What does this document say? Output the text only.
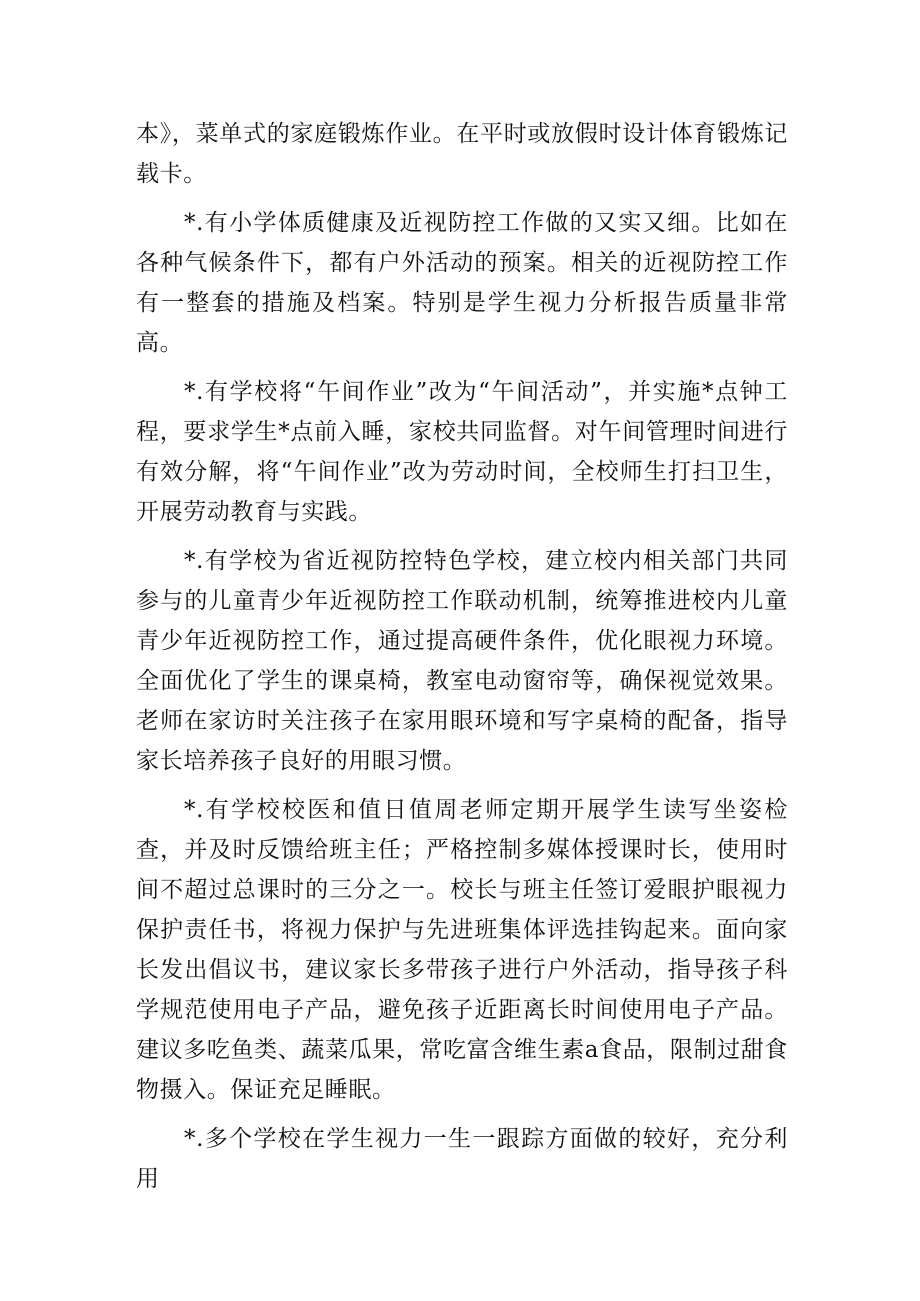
本》，菜单式的家庭锻炼作业。在平时或放假时设计体育锻炼记载卡。

*.有小学体质健康及近视防控工作做的又实又细。比如在各种气候条件下，都有户外活动的预案。相关的近视防控工作有一整套的措施及档案。特别是学生视力分析报告质量非常高。

*.有学校将“午间作业”改为“午间活动”，并实施*点钟工程，要求学生*点前入睡，家校共同监督。对午间管理时间进行有效分解，将“午间作业”改为劳动时间，全校师生打扫卫生，开展劳动教育与实践。

*.有学校为省近视防控特色学校，建立校内相关部门共同参与的儿童青少年近视防控工作联动机制，统筹推进校内儿童青少年近视防控工作，通过提高硬件条件，优化眼视力环境。全面优化了学生的课桌椅，教室电动窗帘等，确保视觉效果。老师在家访时关注孩子在家用眼环境和写字桌椅的配备，指导家长培养孩子良好的用眼习惯。

*.有学校校医和值日值周老师定期开展学生读写坐姿检查，并及时反馈给班主任；严格控制多媒体授课时长，使用时间不超过总课时的三分之一。校长与班主任签订爱眼护眼视力保护责任书，将视力保护与先进班集体评选挂钩起来。面向家长发出倡议书，建议家长多带孩子进行户外活动，指导孩子科学规范使用电子产品，避免孩子近距离长时间使用电子产品。建议多吃鱼类、蔬菜瓜果，常吃富含维生素a食品，限制过甜食物摄入。保证充足睡眠。

*.多个学校在学生视力一生一跟踪方面做的较好，充分利用
